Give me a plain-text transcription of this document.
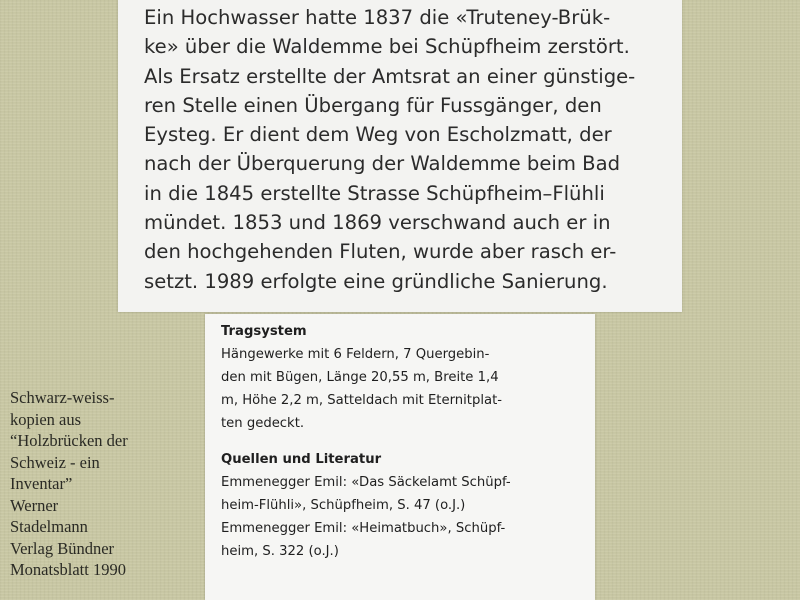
Ein Hochwasser hatte 1837 die «Truteney-Brük-
ke» über die Waldemme bei Schüpfheim zerstört.
Als Ersatz erstellte der Amtsrat an einer günstige-
ren Stelle einen Übergang für Fussgänger, den
Eysteg. Er dient dem Weg von Escholzmatt, der
nach der Überquerung der Waldemme beim Bad
in die 1845 erstellte Strasse Schüpfheim–Flühli
mündet. 1853 und 1869 verschwand auch er in
den hochgehenden Fluten, wurde aber rasch er-
setzt. 1989 erfolgte eine gründliche Sanierung.
Tragsystem
Hängewerke mit 6 Feldern, 7 Quergebin-
den mit Bügen, Länge 20,55 m, Breite 1,4
m, Höhe 2,2 m, Satteldach mit Eternitplat-
ten gedeckt.
Quellen und Literatur
Emmenegger Emil: «Das Säckelamt Schüpf-
heim-Flühli», Schüpfheim, S. 47 (o.J.)
Emmenegger Emil: «Heimatbuch», Schüpf-
heim, S. 322 (o.J.)
Schwarz-weiss-
kopien aus
“Holzbrücken der
Schweiz - ein
Inventar”
Werner
Stadelmann
Verlag Bündner
Monatsblatt 1990
